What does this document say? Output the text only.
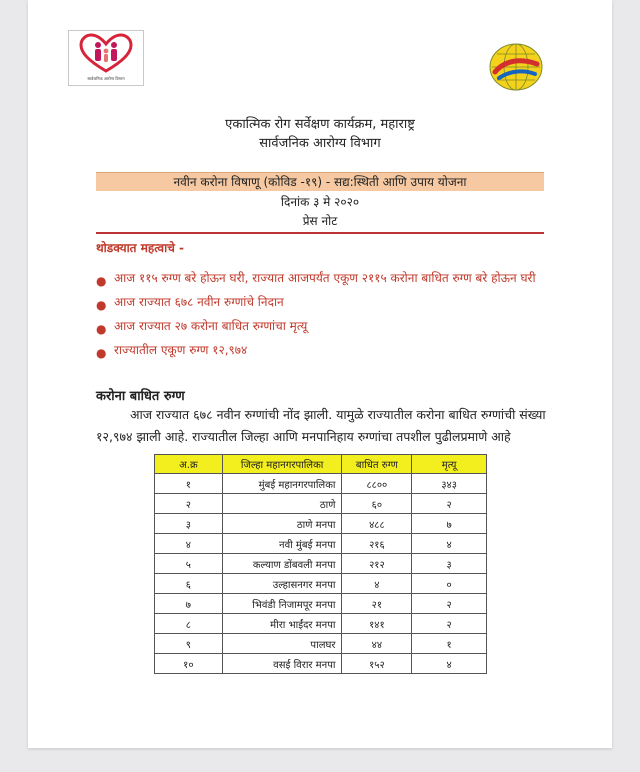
सार्वजनिक आरोग्य विभाग
एकात्मिक रोग सर्वेक्षण कार्यक्रम, महाराष्ट्र
सार्वजनिक आरोग्य विभाग
नवीन करोना विषाणू (कोविड -१९) - सद्य:स्थिती आणि उपाय योजना
दिनांक ३ मे २०२०
प्रेस नोट
थोडक्यात महत्वाचे -
● आज ११५ रुग्ण बरे होऊन घरी, राज्यात आजपर्यंत एकूण २११५ करोना बाधित रुग्ण बरे होऊन घरी
● आज राज्यात ६७८ नवीन रुग्णांचे निदान
● आज राज्यात २७ करोना बाधित रुग्णांचा मृत्यू
● राज्यातील एकूण रुग्ण १२,९७४
करोना बाधित रुग्ण
आज राज्यात ६७८ नवीन रुग्णांची नोंद झाली. यामुळे राज्यातील करोना बाधित रुग्णांची संख्या
१२,९७४ झाली आहे. राज्यातील जिल्हा आणि मनपानिहाय रुग्णांचा तपशील पुढीलप्रमाणे आहे
अ.क्र	जिल्हा महानगरपालिका	बाधित रुग्ण	मृत्यू
१	मुंबई महानगरपालिका	८८००	३४३
२	ठाणे	६०	२
३	ठाणे मनपा	४८८	७
४	नवी मुंबई मनपा	२१६	४
५	कल्याण डोंबवली मनपा	२१२	३
६	उल्हासनगर मनपा	४	०
७	भिवंडी निजामपूर मनपा	२१	२
८	मीरा भाईंदर मनपा	१४१	२
९	पालघर	४४	१
१०	वसई विरार मनपा	१५२	४
